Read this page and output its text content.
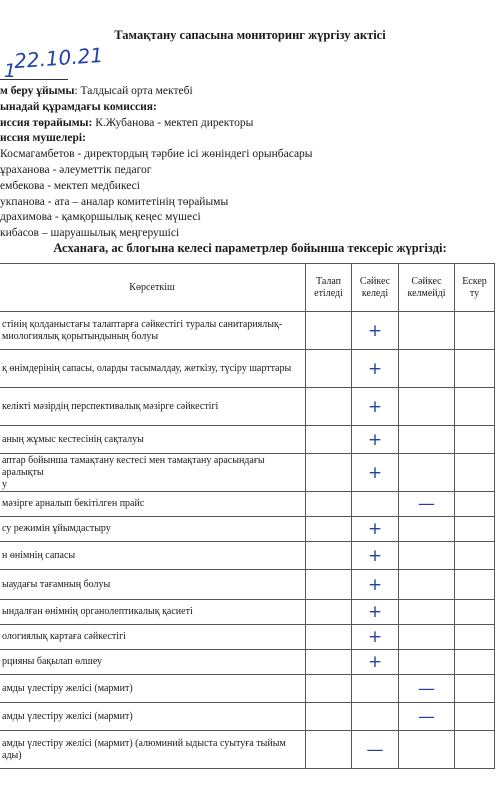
Тамақтану сапасына мониторинг жүргізу актісі
22.10.21
1
м беру ұйымы: Талдысай орта мектебі
ынадай құрамдағы комиссия:
иссия төрайымы: К.Жубанова - мектеп директоры
иссия мушелері:
Космагамбетов - директордың тәрбие ісі жөніндегі орынбасары
ұраханова - әлеуметтік педагог
ембекова - мектеп медбикесі
укпанова - ата – аналар комитетінің төрайымы
дрaхимова - қамқоршылық кеңес мүшесі
кибасов – шаруашылық меңгерушісі
Асханаға, ас блогына келесі параметрлер бойынша тексеріс жүргізді:
Көрсеткіш	Талап етіледі	Сәйкес келеді	Сәйкес келмейді	Ескер ту
стінің қолданыстағы талаптарға сәйкестігі туралы санитариялық-
миологиялық қорытындының болуы		+		
қ өнімдерінің сапасы, оларды тасымалдау, жеткізу, түсіру шарттары		+		
келікті мәзірдің перспективалық мәзірге сәйкестігі		+		
аның жұмыс кестесінің сақталуы		+		
аптар бойынша тамақтану кестесі мен тамақтану арасындағы аралықты
у		+		
мәзірге арналып бекітілген прайс			—	
су режимін ұйымдастыру		+		
н өнімнің сапасы		+		
ыаудағы тағамның болуы		+		
ындалған өнімнің органолептикалық қасиеті		+		
ологиялық картаға сәйкестігі		+		
рцияны бақылап өлшеу		+		
амды үлестіру желісі (мармит)			—	
амды үлестіру желісі (мармит)			—	
амды үлестіру желісі (мармит) (алюминий ыдыста суытуға тыйым
ады)		—		
